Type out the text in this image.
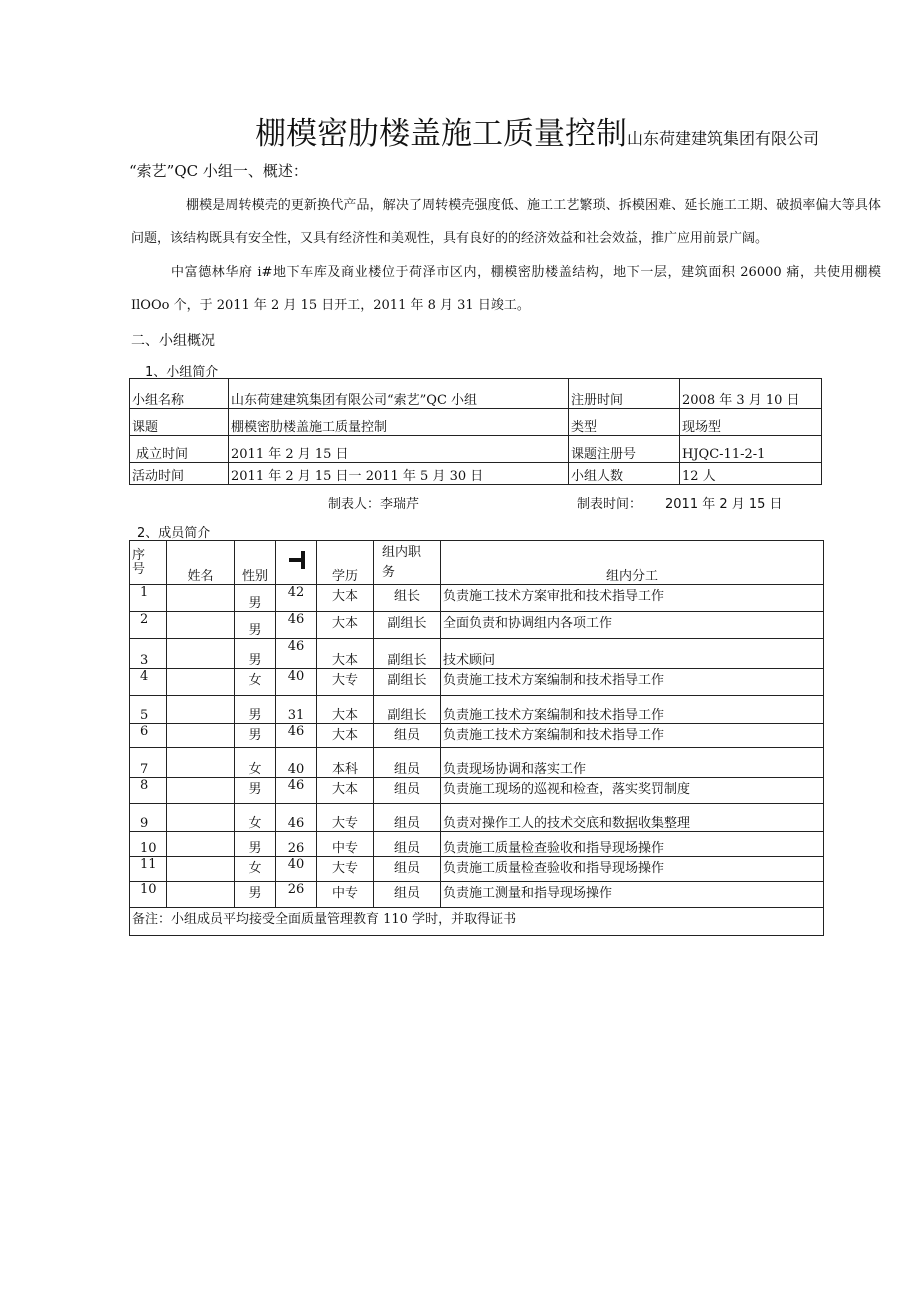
棚模密肋楼盖施工质量控制山东荷建建筑集团有限公司
“索艺”QC 小组一、概述：
棚模是周转模壳的更新换代产品，解决了周转模壳强度低、施工工艺繁琐、拆模困难、延长施工工期、破损率偏大等具体问题，该结构既具有安全性，又具有经济性和美观性，具有良好的的经济效益和社会效益，推广应用前景广阔。
中富德林华府 i#地下车库及商业楼位于荷泽市区内，棚模密肋楼盖结构，地下一层，建筑面积 26000 痛，共使用棚模 IlOOo 个，于 2011 年 2 月 15 日开工，2011 年 8 月 31 日竣工。
二、小组概况
1、小组简介
小组名称	山东荷建建筑集团有限公司“索艺”QC 小组	注册时间	2008 年 3 月 10 日
课题	棚模密肋楼盖施工质量控制	类型	现场型
成立时间	2011 年 2 月 15 日	课题注册号	HJQC-11-2-1
活动时间	2011 年 2 月 15 日一 2011 年 5 月 30 日	小组人数	12 人
制表人：李瑞芹	制表时间： 2011 年 2 月 15 日
2、成员简介
序
号	姓名	性别		学历	组内职
务	组内分工
1		男	42	大本	组长	负责施工技术方案审批和技术指导工作
2		男	46	大本	副组长	全面负责和协调组内各项工作
3		男	46	大本	副组长	技术顾问
4		女	40	大专	副组长	负责施工技术方案编制和技术指导工作
5		男	31	大本	副组长	负责施工技术方案编制和技术指导工作
6		男	46	大本	组员	负责施工技术方案编制和技术指导工作
7		女	40	本科	组员	负责现场协调和落实工作
8		男	46	大本	组员	负责施工现场的巡视和检查，落实奖罚制度
9		女	46	大专	组员	负责对操作工人的技术交底和数据收集整理
10		男	26	中专	组员	负责施工质量检查验收和指导现场操作
11		女	40	大专	组员	负责施工质量检查验收和指导现场操作
10		男	26	中专	组员	负责施工测量和指导现场操作
备注：小组成员平均接受全面质量管理教育 110 学时，并取得证书						
